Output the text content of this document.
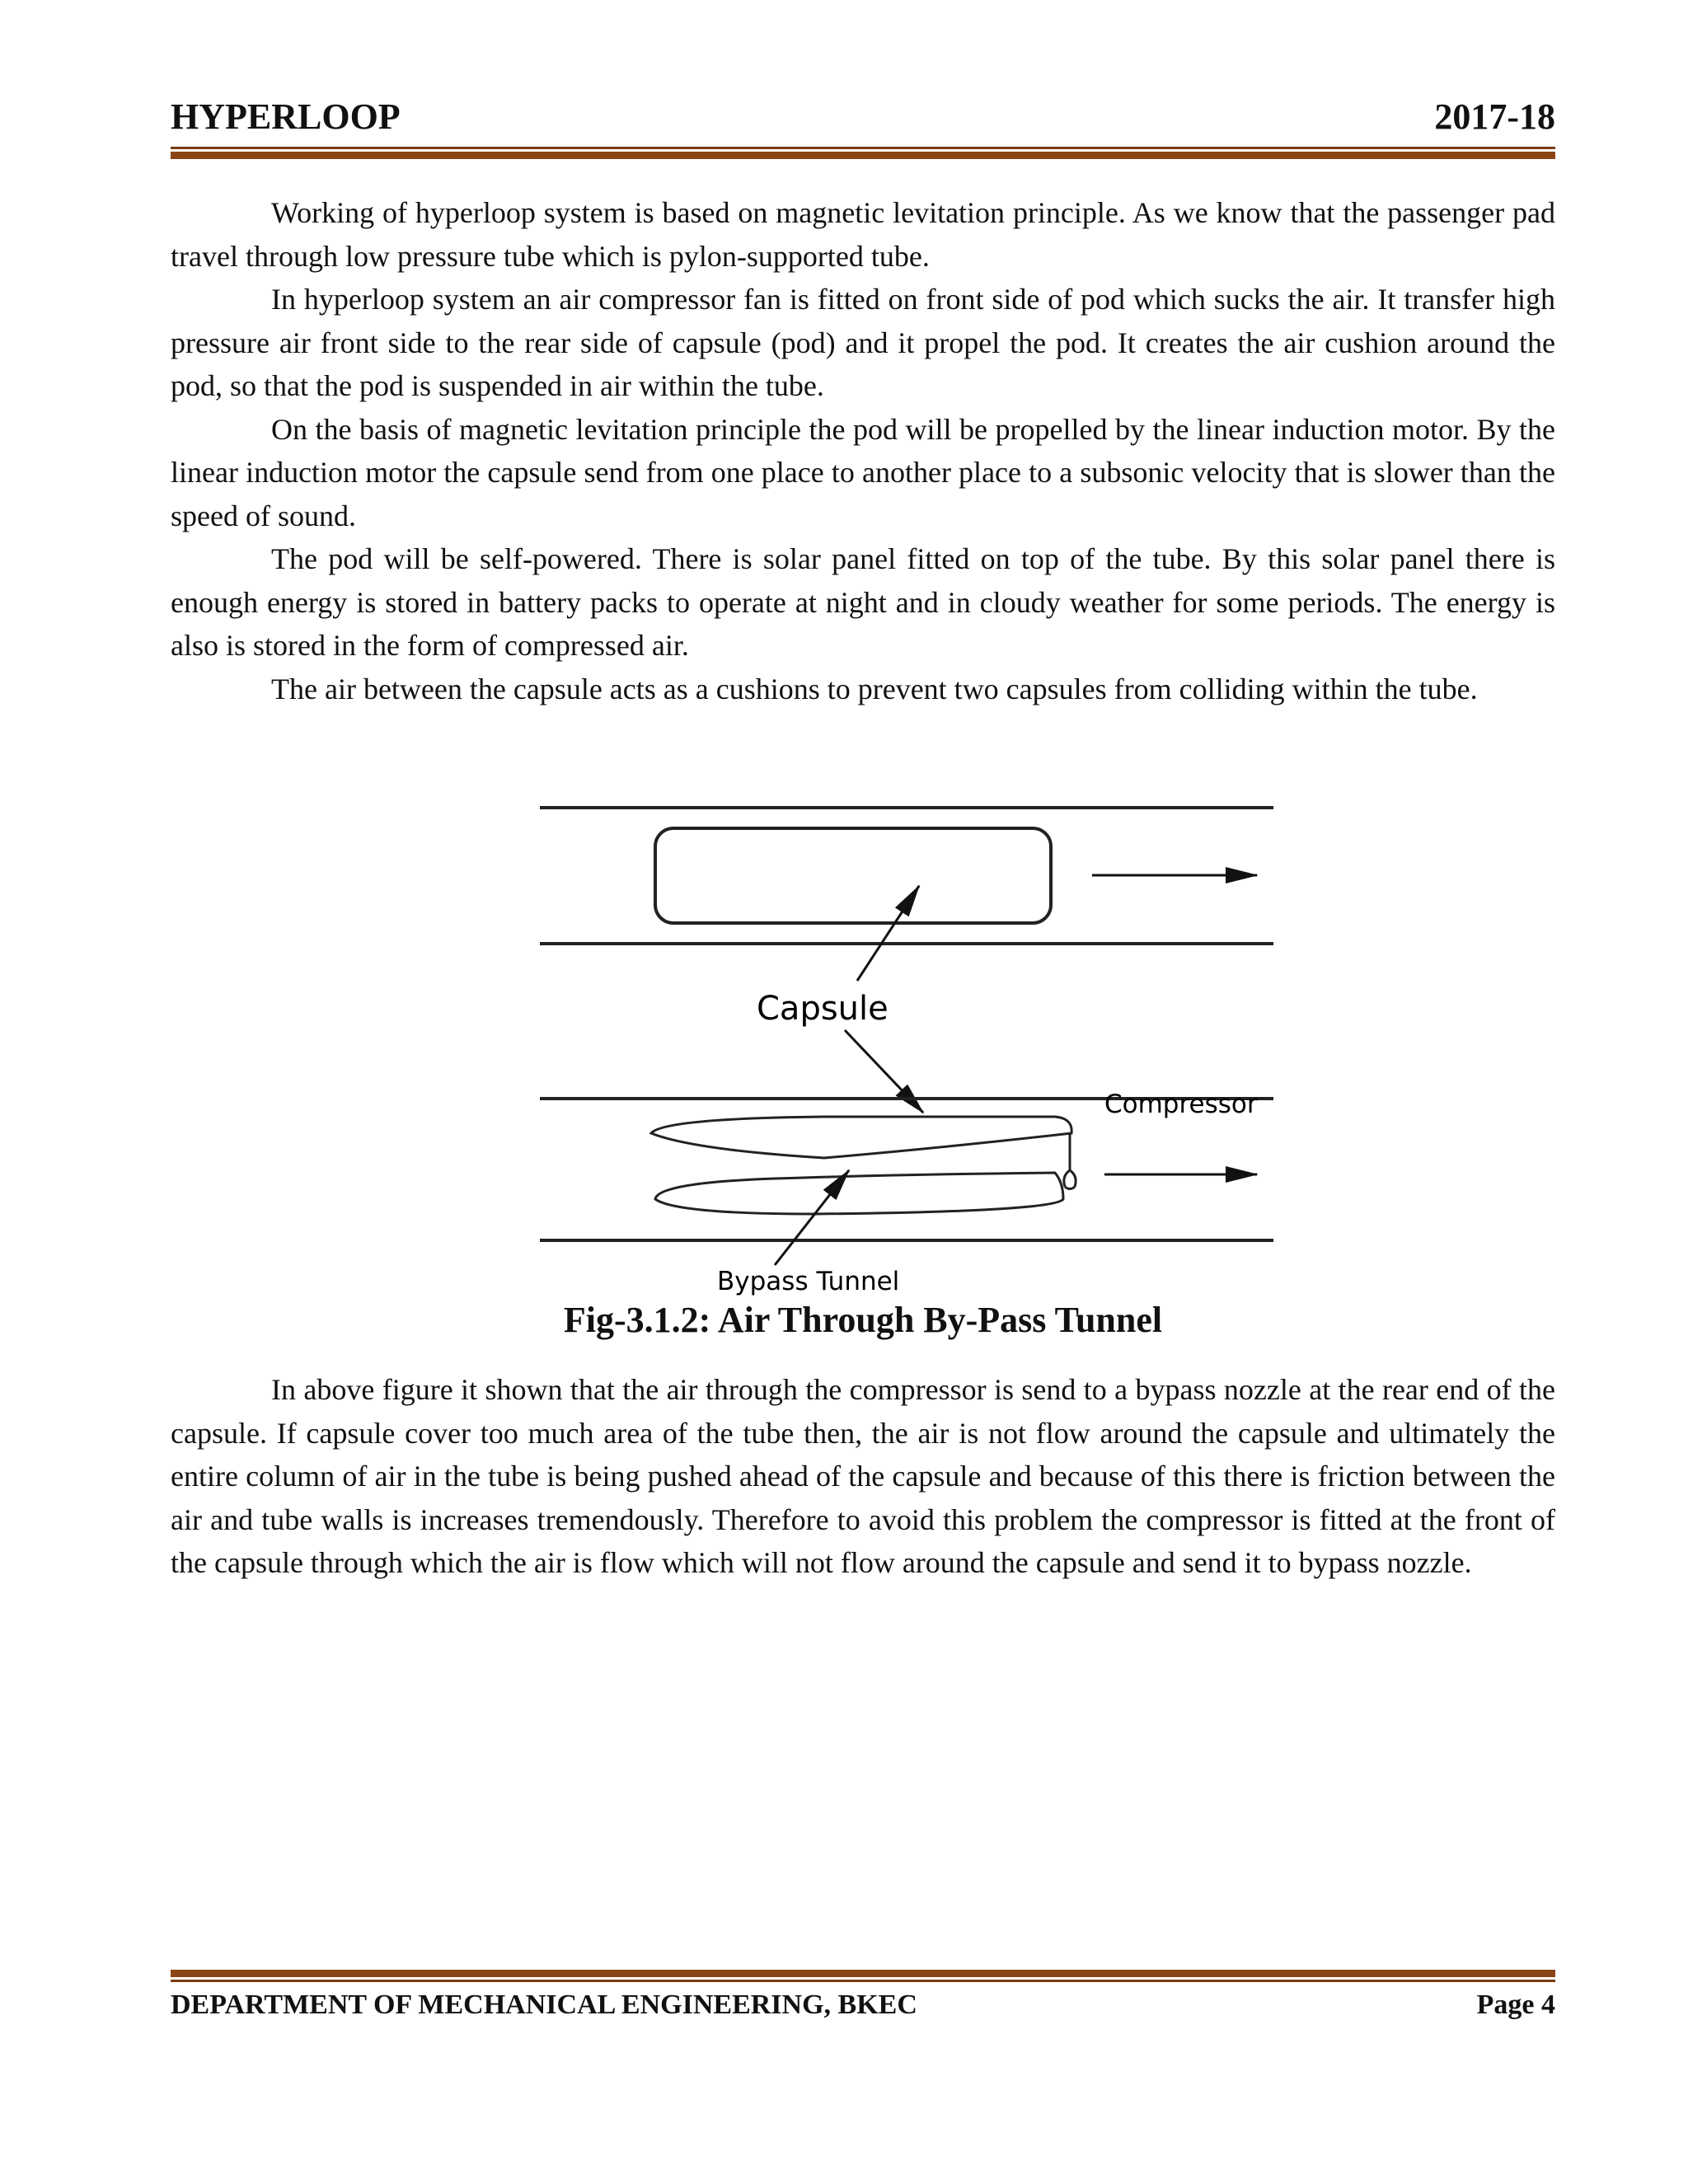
HYPERLOOP	2017-18

Working of hyperloop system is based on magnetic levitation principle. As we know that the passenger pad travel through low pressure tube which is pylon-supported tube.

In hyperloop system an air compressor fan is fitted on front side of pod which sucks the air. It transfer high pressure air front side to the rear side of capsule (pod) and it propel the pod. It creates the air cushion around the pod, so that the pod is suspended in air within the tube.

On the basis of magnetic levitation principle the pod will be propelled by the linear induction motor. By the linear induction motor the capsule send from one place to another place to a subsonic velocity that is slower than the speed of sound.

The pod will be self-powered. There is solar panel fitted on top of the tube. By this solar panel there is enough energy is stored in battery packs to operate at night and in cloudy weather for some periods. The energy is also is stored in the form of compressed air.

The air between the capsule acts as a cushions to prevent two capsules from colliding within the tube.

Capsule
Compressor
Bypass Tunnel
Fig-3.1.2: Air Through By-Pass Tunnel

In above figure it shown that the air through the compressor is send to a bypass nozzle at the rear end of the capsule. If capsule cover too much area of the tube then, the air is not flow around the capsule and ultimately the entire column of air in the tube is being pushed ahead of the capsule and because of this there is friction between the air and tube walls is increases tremendously. Therefore to avoid this problem the compressor is fitted at the front of the capsule through which the air is flow which will not flow around the capsule and send it to bypass nozzle.

DEPARTMENT OF MECHANICAL ENGINEERING, BKEC	Page 4
